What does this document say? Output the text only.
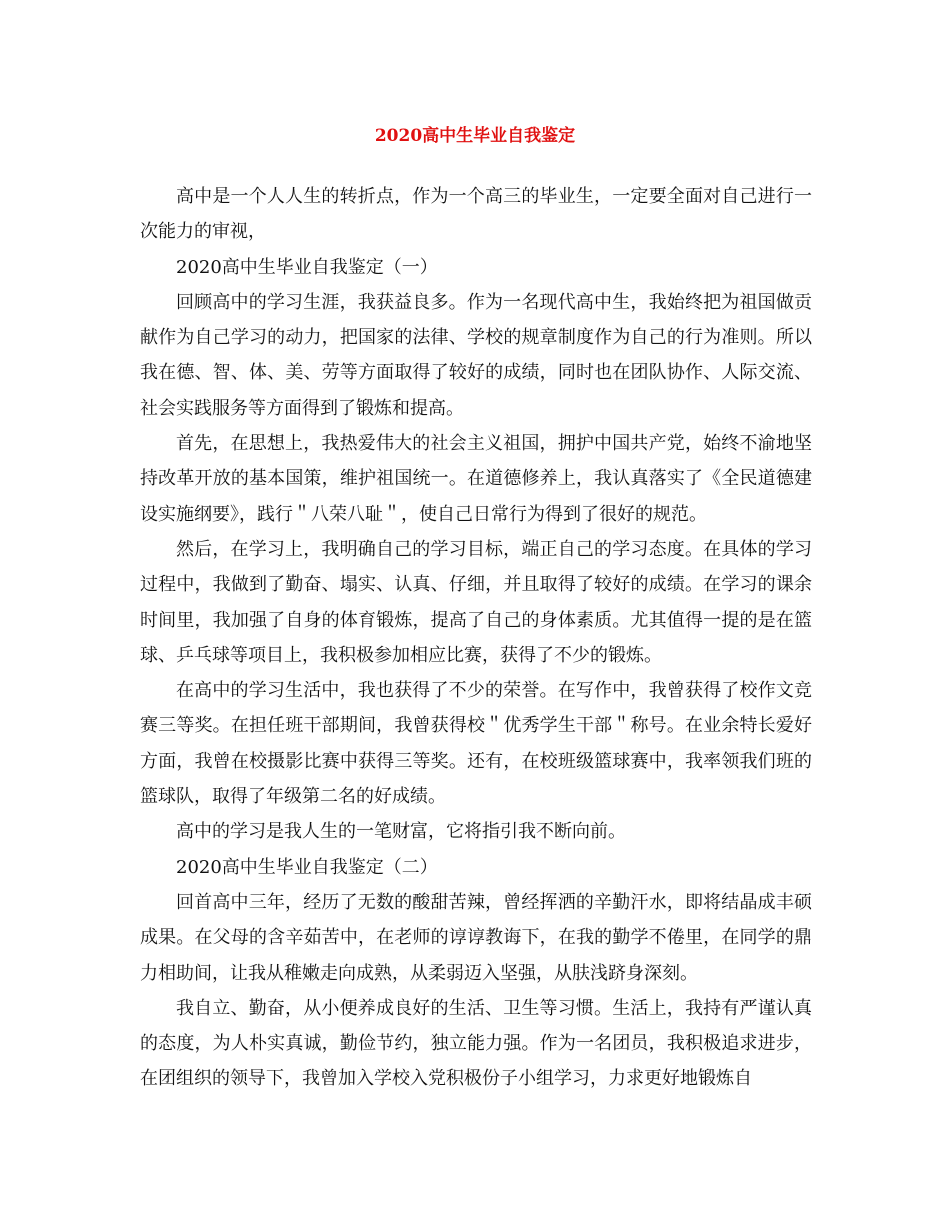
2020高中生毕业自我鉴定

高中是一个人人生的转折点，作为一个高三的毕业生，一定要全面对自己进行一次能力的审视，

2020高中生毕业自我鉴定（一）

回顾高中的学习生涯，我获益良多。作为一名现代高中生，我始终把为祖国做贡献作为自己学习的动力，把国家的法律、学校的规章制度作为自己的行为准则。所以我在德、智、体、美、劳等方面取得了较好的成绩，同时也在团队协作、人际交流、社会实践服务等方面得到了锻炼和提高。

首先，在思想上，我热爱伟大的社会主义祖国，拥护中国共产党，始终不渝地坚持改革开放的基本国策，维护祖国统一。在道德修养上，我认真落实了《全民道德建设实施纲要》，践行＂八荣八耻＂，使自己日常行为得到了很好的规范。

然后，在学习上，我明确自己的学习目标，端正自己的学习态度。在具体的学习过程中，我做到了勤奋、塌实、认真、仔细，并且取得了较好的成绩。在学习的课余时间里，我加强了自身的体育锻炼，提高了自己的身体素质。尤其值得一提的是在篮球、乒乓球等项目上，我积极参加相应比赛，获得了不少的锻炼。

在高中的学习生活中，我也获得了不少的荣誉。在写作中，我曾获得了校作文竞赛三等奖。在担任班干部期间，我曾获得校＂优秀学生干部＂称号。在业余特长爱好方面，我曾在校摄影比赛中获得三等奖。还有，在校班级篮球赛中，我率领我们班的篮球队，取得了年级第二名的好成绩。

高中的学习是我人生的一笔财富，它将指引我不断向前。

2020高中生毕业自我鉴定（二）

回首高中三年，经历了无数的酸甜苦辣，曾经挥洒的辛勤汗水，即将结晶成丰硕成果。在父母的含辛茹苦中，在老师的谆谆教诲下，在我的勤学不倦里，在同学的鼎力相助间，让我从稚嫩走向成熟，从柔弱迈入坚强，从肤浅跻身深刻。

我自立、勤奋，从小便养成良好的生活、卫生等习惯。生活上，我持有严谨认真的态度，为人朴实真诚，勤俭节约，独立能力强。作为一名团员，我积极追求进步，在团组织的领导下，我曾加入学校入党积极份子小组学习，力求更好地锻炼自
